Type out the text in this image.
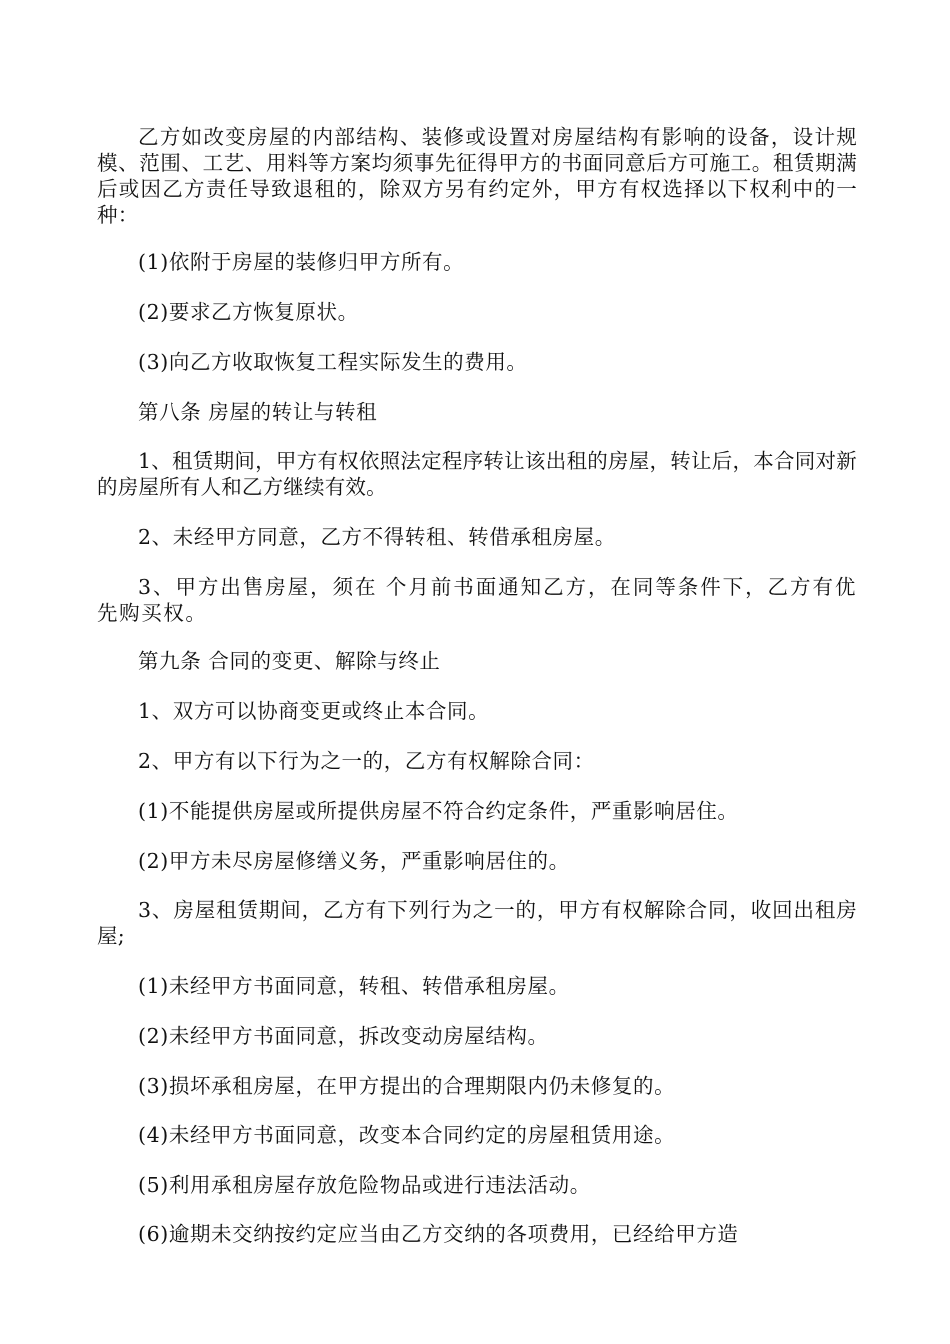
乙方如改变房屋的内部结构、装修或设置对房屋结构有影响的设备，设计规模、范围、工艺、用料等方案均须事先征得甲方的书面同意后方可施工。租赁期满后或因乙方责任导致退租的，除双方另有约定外，甲方有权选择以下权利中的一种：

(1)依附于房屋的装修归甲方所有。

(2)要求乙方恢复原状。

(3)向乙方收取恢复工程实际发生的费用。

第八条 房屋的转让与转租

1、租赁期间，甲方有权依照法定程序转让该出租的房屋，转让后，本合同对新的房屋所有人和乙方继续有效。

2、未经甲方同意，乙方不得转租、转借承租房屋。

3、甲方出售房屋，须在 个月前书面通知乙方，在同等条件下，乙方有优先购买权。

第九条 合同的变更、解除与终止

1、双方可以协商变更或终止本合同。

2、甲方有以下行为之一的，乙方有权解除合同：

(1)不能提供房屋或所提供房屋不符合约定条件，严重影响居住。

(2)甲方未尽房屋修缮义务，严重影响居住的。

3、房屋租赁期间，乙方有下列行为之一的，甲方有权解除合同，收回出租房屋;

(1)未经甲方书面同意，转租、转借承租房屋。

(2)未经甲方书面同意，拆改变动房屋结构。

(3)损坏承租房屋，在甲方提出的合理期限内仍未修复的。

(4)未经甲方书面同意，改变本合同约定的房屋租赁用途。

(5)利用承租房屋存放危险物品或进行违法活动。

(6)逾期未交纳按约定应当由乙方交纳的各项费用，已经给甲方造
